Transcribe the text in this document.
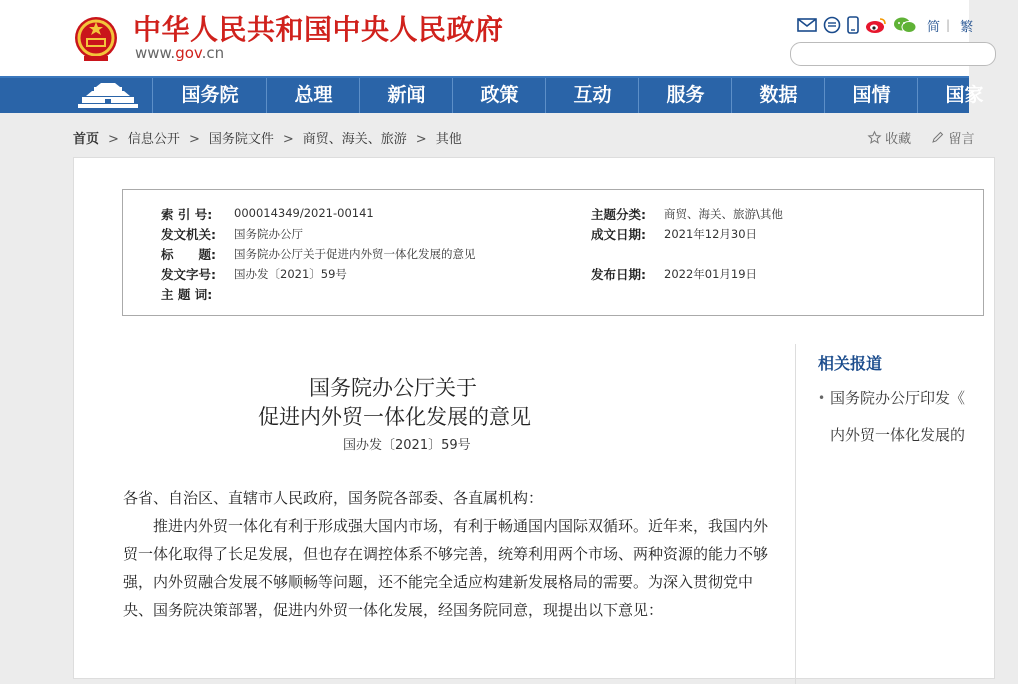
中华人民共和国中央人民政府
www.gov.cn
简 | 繁
国务院	总理	新闻	政策	互动	服务	数据	国情	国家
首页 > 信息公开 > 国务院文件 > 商贸、海关、旅游 > 其他	收藏	留言
索 引 号: 000014349/2021-00141	主题分类: 商贸、海关、旅游\其他
发文机关: 国务院办公厅	成文日期: 2021年12月30日
标　　题: 国务院办公厅关于促进内外贸一体化发展的意见
发文字号: 国办发〔2021〕59号	发布日期: 2022年01月19日
主 题 词:
国务院办公厅关于
促进内外贸一体化发展的意见
国办发〔2021〕59号
各省、自治区、直辖市人民政府，国务院各部委、各直属机构：
推进内外贸一体化有利于形成强大国内市场，有利于畅通国内国际双循环。近年来，我国内外贸一体化取得了长足发展，但也存在调控体系不够完善，统筹利用两个市场、两种资源的能力不够强，内外贸融合发展不够顺畅等问题，还不能完全适应构建新发展格局的需要。为深入贯彻党中央、国务院决策部署，促进内外贸一体化发展，经国务院同意，现提出以下意见：
相关报道
• 国务院办公厅印发《
内外贸一体化发展的
